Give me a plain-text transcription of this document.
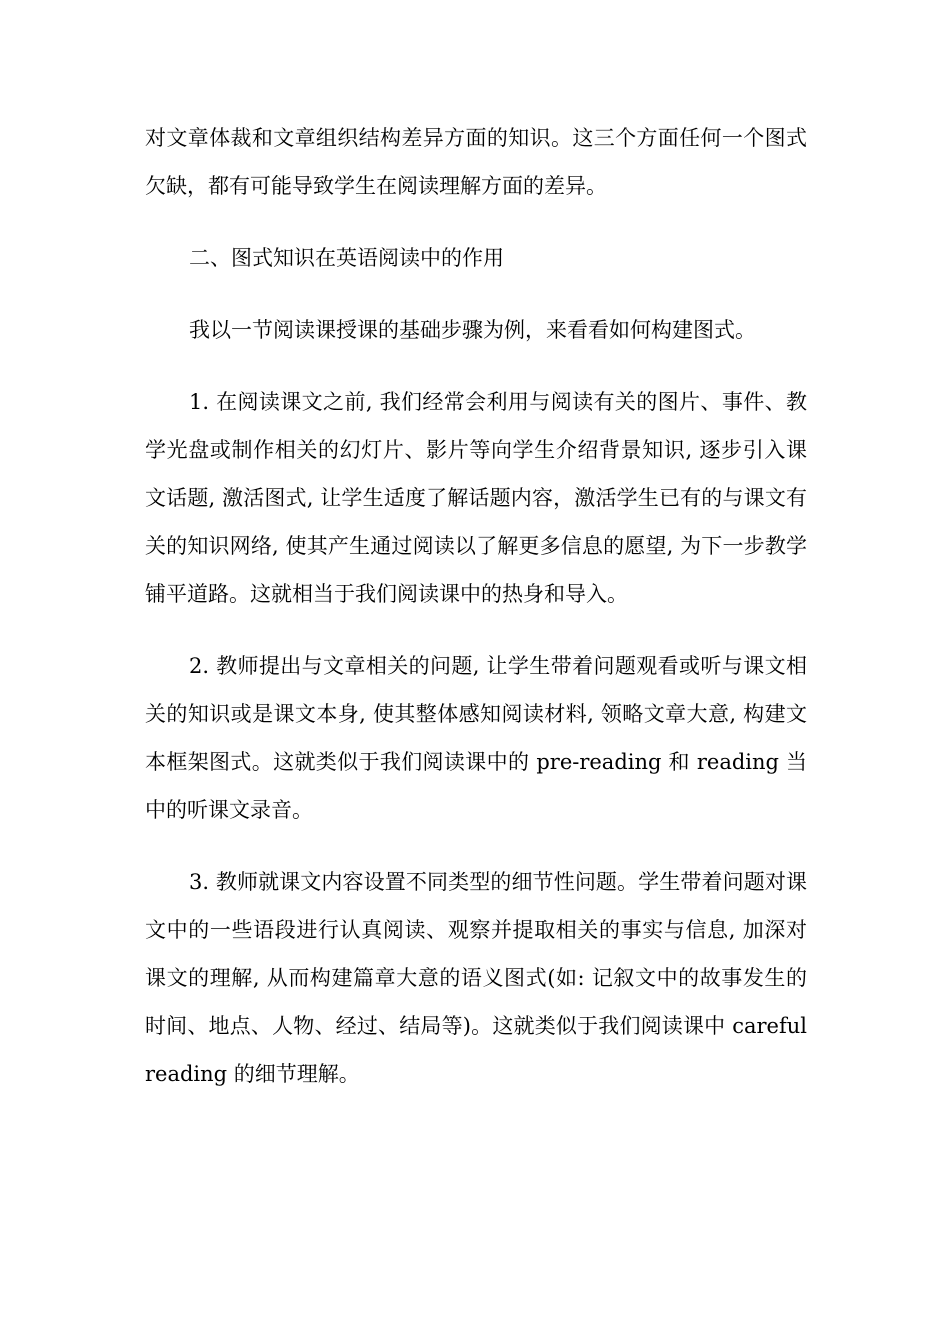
对文章体裁和文章组织结构差异方面的知识。这三个方面任何一个图式欠缺，都有可能导致学生在阅读理解方面的差异。

二、图式知识在英语阅读中的作用

我以一节阅读课授课的基础步骤为例，来看看如何构建图式。

1. 在阅读课文之前, 我们经常会利用与阅读有关的图片、事件、教学光盘或制作相关的幻灯片、影片等向学生介绍背景知识, 逐步引入课文话题, 激活图式, 让学生适度了解话题内容，激活学生已有的与课文有关的知识网络, 使其产生通过阅读以了解更多信息的愿望, 为下一步教学铺平道路。这就相当于我们阅读课中的热身和导入。

2. 教师提出与文章相关的问题, 让学生带着问题观看或听与课文相关的知识或是课文本身, 使其整体感知阅读材料, 领略文章大意, 构建文本框架图式。这就类似于我们阅读课中的 pre-reading 和 reading 当中的听课文录音。

3. 教师就课文内容设置不同类型的细节性问题。学生带着问题对课文中的一些语段进行认真阅读、观察并提取相关的事实与信息, 加深对课文的理解, 从而构建篇章大意的语义图式(如: 记叙文中的故事发生的时间、地点、人物、经过、结局等)。这就类似于我们阅读课中 careful reading 的细节理解。
